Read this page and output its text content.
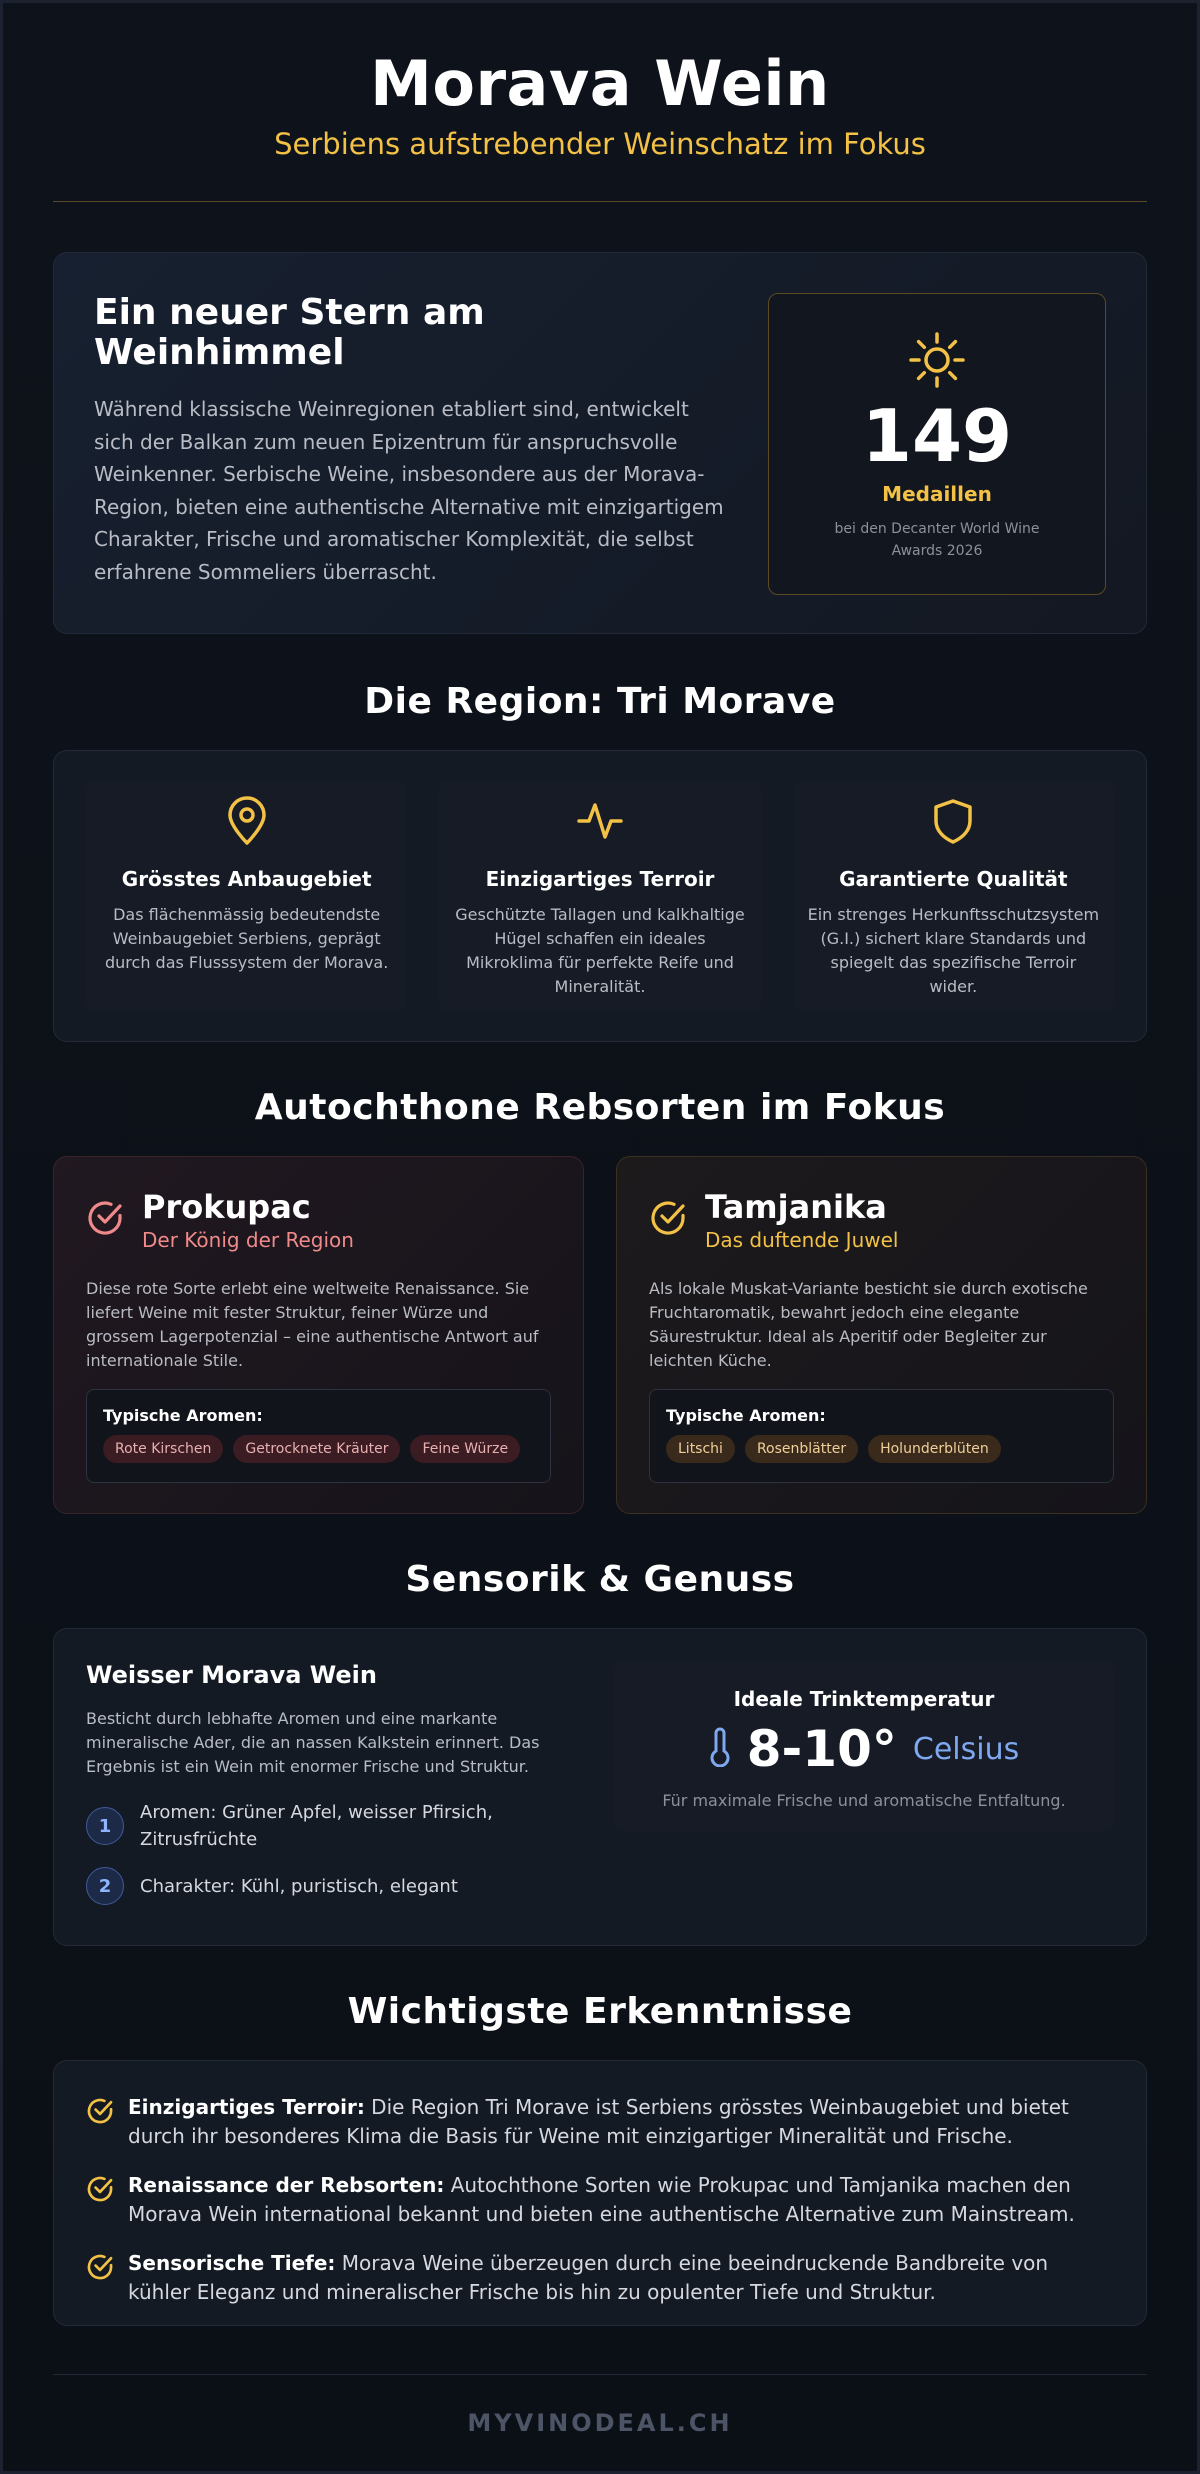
Morava Wein
Serbiens aufstrebender Weinschatz im Fokus
Ein neuer Stern am Weinhimmel
Während klassische Weinregionen etabliert sind, entwickelt sich der Balkan zum neuen Epizentrum für anspruchsvolle Weinkenner. Serbische Weine, insbesondere aus der Morava-Region, bieten eine authentische Alternative mit einzigartigem Charakter, Frische und aromatischer Komplexität, die selbst erfahrene Sommeliers überrascht.
149
Medaillen
bei den Decanter World Wine Awards 2026
Die Region: Tri Morave
Grösstes Anbaugebiet
Das flächenmässig bedeutendste Weinbaugebiet Serbiens, geprägt durch das Flusssystem der Morava.
Einzigartiges Terroir
Geschützte Tallagen und kalkhaltige Hügel schaffen ein ideales Mikroklima für perfekte Reife und Mineralität.
Garantierte Qualität
Ein strenges Herkunftsschutzsystem (G.I.) sichert klare Standards und spiegelt das spezifische Terroir wider.
Autochthone Rebsorten im Fokus
Prokupac
Der König der Region
Diese rote Sorte erlebt eine weltweite Renaissance. Sie liefert Weine mit fester Struktur, feiner Würze und grossem Lagerpotenzial – eine authentische Antwort auf internationale Stile.
Typische Aromen:
Rote Kirschen	Getrocknete Kräuter	Feine Würze
Tamjanika
Das duftende Juwel
Als lokale Muskat-Variante besticht sie durch exotische Fruchtaromatik, bewahrt jedoch eine elegante Säurestruktur. Ideal als Aperitif oder Begleiter zur leichten Küche.
Typische Aromen:
Litschi	Rosenblätter	Holunderblüten
Sensorik & Genuss
Weisser Morava Wein
Besticht durch lebhafte Aromen und eine markante mineralische Ader, die an nassen Kalkstein erinnert. Das Ergebnis ist ein Wein mit enormer Frische und Struktur.
1
Aromen: Grüner Apfel, weisser Pfirsich, Zitrusfrüchte
2	Charakter: Kühl, puristisch, elegant
Ideale Trinktemperatur
8-10° Celsius
Für maximale Frische und aromatische Entfaltung.
Wichtigste Erkenntnisse
Einzigartiges Terroir: Die Region Tri Morave ist Serbiens grösstes Weinbaugebiet und bietet durch ihr besonderes Klima die Basis für Weine mit einzigartiger Mineralität und Frische.
Renaissance der Rebsorten: Autochthone Sorten wie Prokupac und Tamjanika machen den Morava Wein international bekannt und bieten eine authentische Alternative zum Mainstream.
Sensorische Tiefe: Morava Weine überzeugen durch eine beeindruckende Bandbreite von kühler Eleganz und mineralischer Frische bis hin zu opulenter Tiefe und Struktur.
MYVINODEAL.CH
